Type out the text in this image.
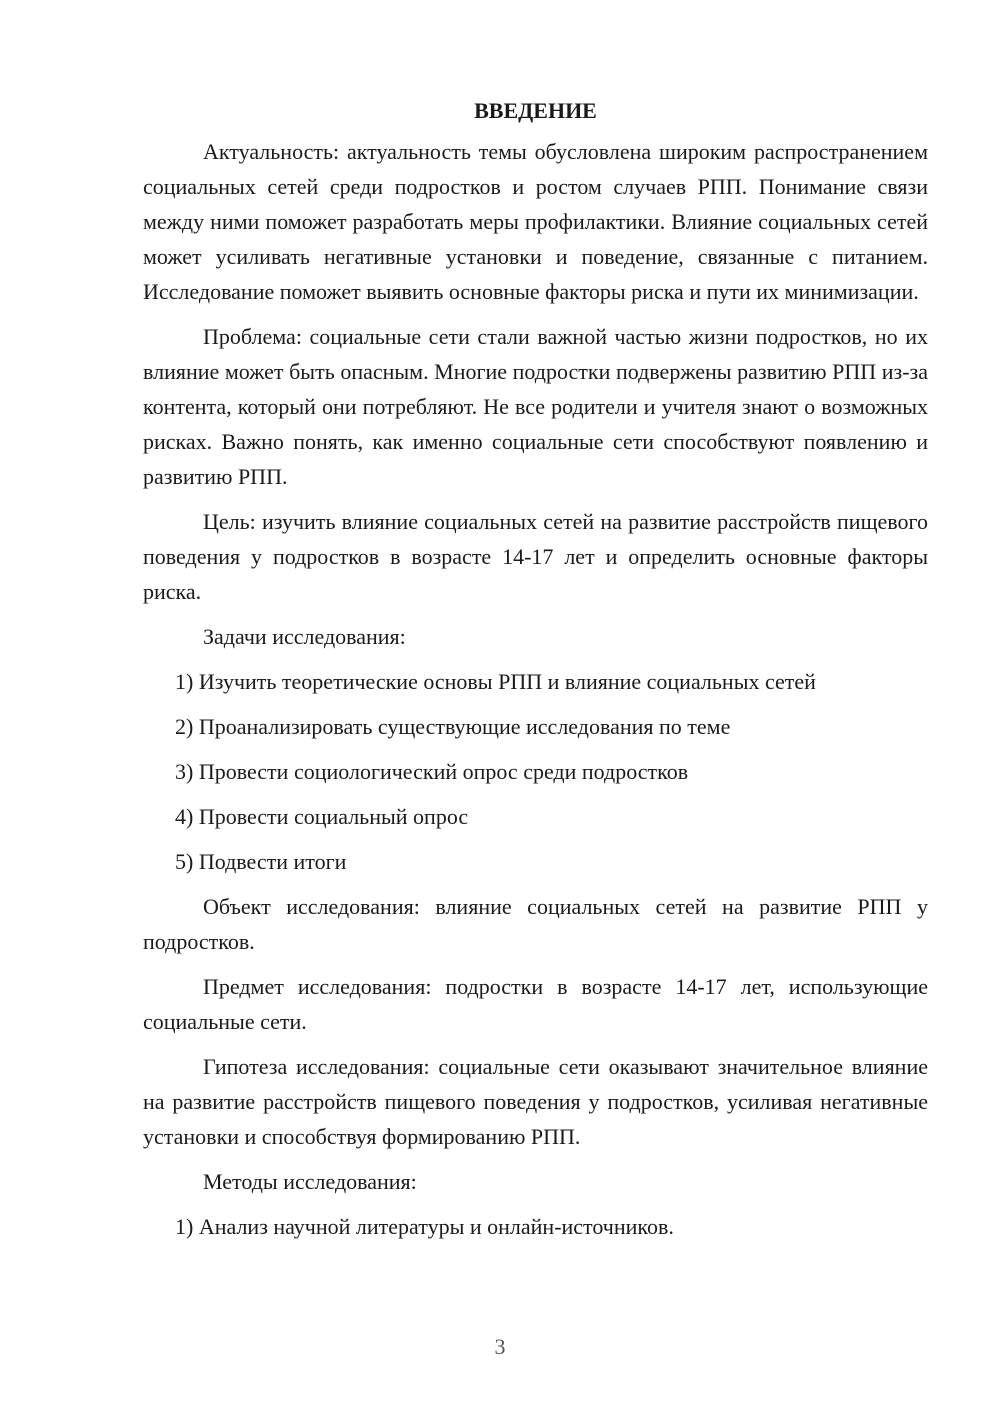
ВВЕДЕНИЕ

Актуальность: актуальность темы обусловлена широким распространением социальных сетей среди подростков и ростом случаев РПП. Понимание связи между ними поможет разработать меры профилактики. Влияние социальных сетей может усиливать негативные установки и поведение, связанные с питанием. Исследование поможет выявить основные факторы риска и пути их минимизации.

Проблема: социальные сети стали важной частью жизни подростков, но их влияние может быть опасным. Многие подростки подвержены развитию РПП из-за контента, который они потребляют. Не все родители и учителя знают о возможных рисках. Важно понять, как именно социальные сети способствуют появлению и развитию РПП.

Цель: изучить влияние социальных сетей на развитие расстройств пищевого поведения у подростков в возрасте 14-17 лет и определить основные факторы риска.

Задачи исследования:

1) Изучить теоретические основы РПП и влияние социальных сетей

2) Проанализировать существующие исследования по теме

3) Провести социологический опрос среди подростков

4) Провести социальный опрос

5) Подвести итоги

Объект исследования: влияние социальных сетей на развитие РПП у подростков.

Предмет исследования: подростки в возрасте 14-17 лет, использующие социальные сети.

Гипотеза исследования: социальные сети оказывают значительное влияние на развитие расстройств пищевого поведения у подростков, усиливая негативные установки и способствуя формированию РПП.

Методы исследования:

1) Анализ научной литературы и онлайн-источников.

3
